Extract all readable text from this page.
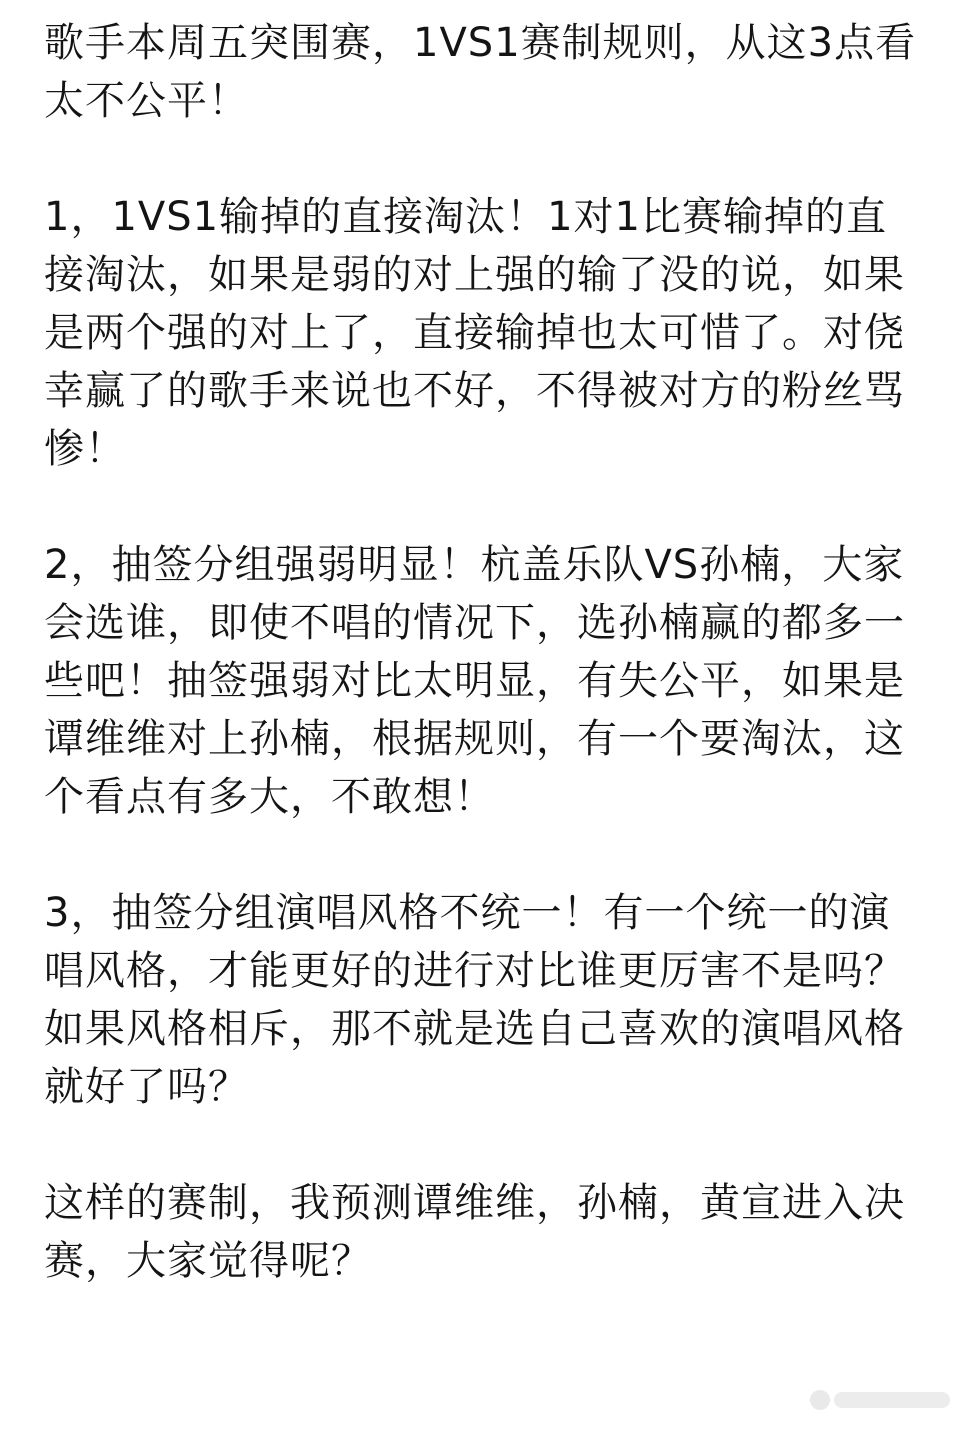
歌手本周五突围赛，1VS1赛制规则，从这3点看太不公平！

1，1VS1输掉的直接淘汰！1对1比赛输掉的直接淘汰，如果是弱的对上强的输了没的说，如果是两个强的对上了，直接输掉也太可惜了。对侥幸赢了的歌手来说也不好，不得被对方的粉丝骂惨！

2，抽签分组强弱明显！杭盖乐队VS孙楠，大家会选谁，即使不唱的情况下，选孙楠赢的都多一些吧！抽签强弱对比太明显，有失公平，如果是谭维维对上孙楠，根据规则，有一个要淘汰，这个看点有多大，不敢想！

3，抽签分组演唱风格不统一！有一个统一的演唱风格，才能更好的进行对比谁更厉害不是吗？如果风格相斥，那不就是选自己喜欢的演唱风格就好了吗？

这样的赛制，我预测谭维维，孙楠，黄宣进入决赛，大家觉得呢？
